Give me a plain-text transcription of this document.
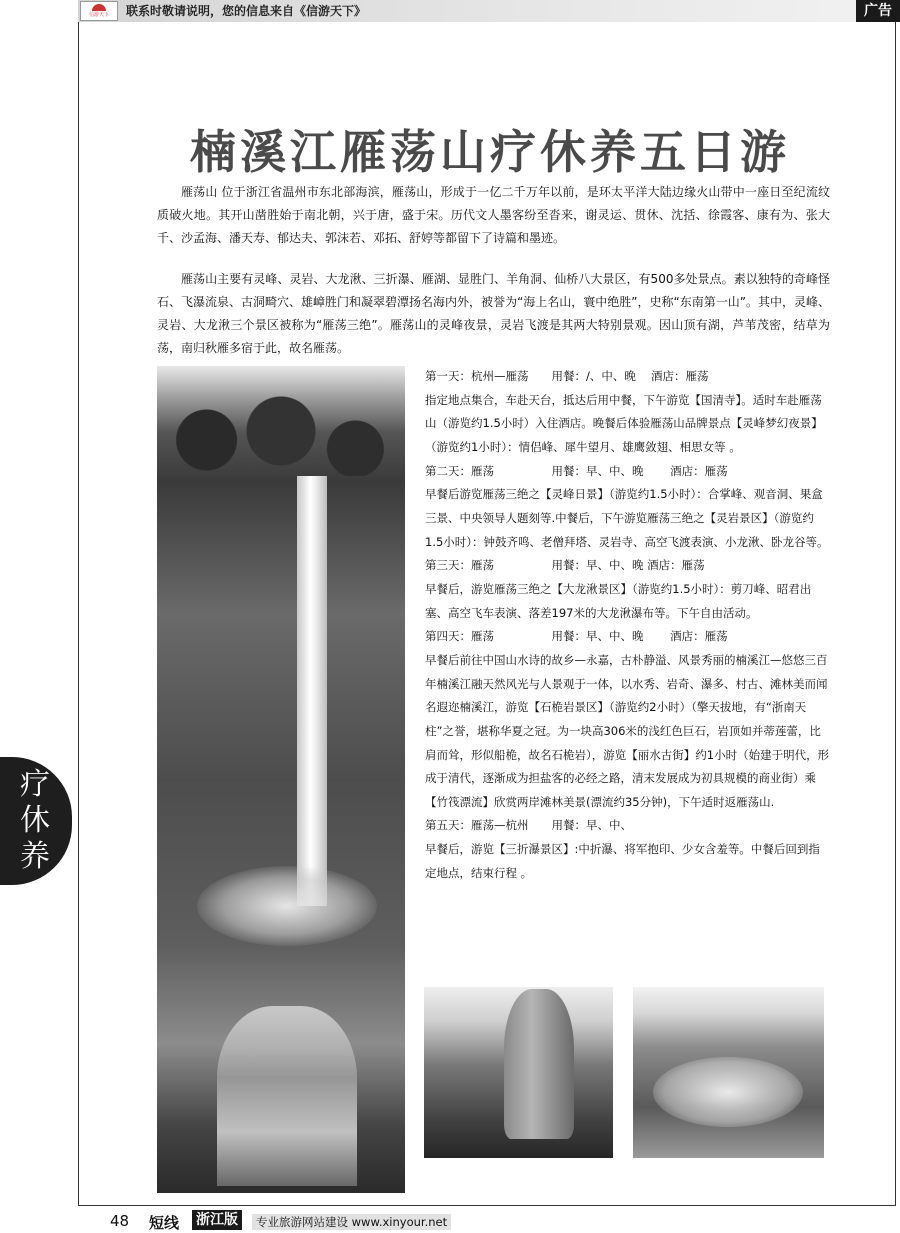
信游天下	联系时敬请说明，您的信息来自《信游天下》	广告
楠溪江雁荡山疗休养五日游

雁荡山 位于浙江省温州市东北部海滨，雁荡山，形成于一亿二千万年以前，是环太平洋大陆边缘火山带中一座日至纪流纹质破火地。其开山凿胜始于南北朝，兴于唐，盛于宋。历代文人墨客纷至沓来，谢灵运、贯休、沈括、徐霞客、康有为、张大千、沙孟海、潘天寿、郁达夫、郭沫若、邓拓、舒婷等都留下了诗篇和墨迹。

雁荡山主要有灵峰、灵岩、大龙湫、三折瀑、雁湖、显胜门、羊角洞、仙桥八大景区，有500多处景点。素以独特的奇峰怪石、飞瀑流泉、古洞畸穴、雄嶂胜门和凝翠碧潭扬名海内外，被誉为“海上名山，寰中绝胜”，史称“东南第一山”。其中，灵峰、灵岩、大龙湫三个景区被称为“雁荡三绝”。雁荡山的灵峰夜景，灵岩飞渡是其两大特别景观。因山顶有湖，芦苇茂密，结草为荡，南归秋雁多宿于此，故名雁荡。

第一天：杭州—雁荡　　用餐：/、中、晚　 酒店：雁荡

指定地点集合，车赴天台，抵达后用中餐，下午游览【国清寺】。适时车赴雁荡山（游览约1.5小时）入住酒店。晚餐后体验雁荡山品牌景点【灵峰梦幻夜景】（游览约1小时）：情侣峰、犀牛望月、雄鹰敛翅、相思女等 。

第二天：雁荡　　　　　用餐：早、中、晚　　 酒店：雁荡

早餐后游览雁荡三绝之【灵峰日景】（游览约1.5小时）：合掌峰、观音洞、果盒三景、中央领导人题刻等.中餐后，下午游览雁荡三绝之【灵岩景区】（游览约1.5小时）：钟鼓齐鸣、老僧拜塔、灵岩寺、高空飞渡表演、小龙湫、卧龙谷等。

第三天：雁荡　　　　　用餐：早、中、晚 酒店：雁荡

早餐后，游览雁荡三绝之【大龙湫景区】（游览约1.5小时）：剪刀峰、昭君出塞、高空飞车表演、落差197米的大龙湫瀑布等。下午自由活动。

第四天：雁荡　　　　　用餐：早、中、晚　　 酒店：雁荡

早餐后前往中国山水诗的故乡—永嘉，古朴静溢、风景秀丽的楠溪江—悠悠三百年楠溪江融天然风光与人景观于一体，以水秀、岩奇、瀑多、村古、滩林美而闻名遐迩楠溪江，游览【石桅岩景区】（游览约2小时）（擎天拔地，有“浙南天柱”之誉，堪称华夏之冠。为一块高306米的浅红色巨石，岩顶如并蒂莲蕾，比肩而耸，形似船桅，故名石桅岩），游览【丽水古街】约1小时（始建于明代，形成于清代，逐渐成为担盐客的必经之路，清末发展成为初具规模的商业街）乘【竹筏漂流】欣赏两岸滩林美景(漂流约35分钟)，下午适时返雁荡山.

第五天：雁荡—杭州　　用餐：早、中、

早餐后，游览【三折瀑景区】:中折瀑、将军抱印、少女含羞等。中餐后回到指定地点，结束行程 。

疗
休
养
48 短线 浙江版	专业旅游网站建设 www.xinyour.net
